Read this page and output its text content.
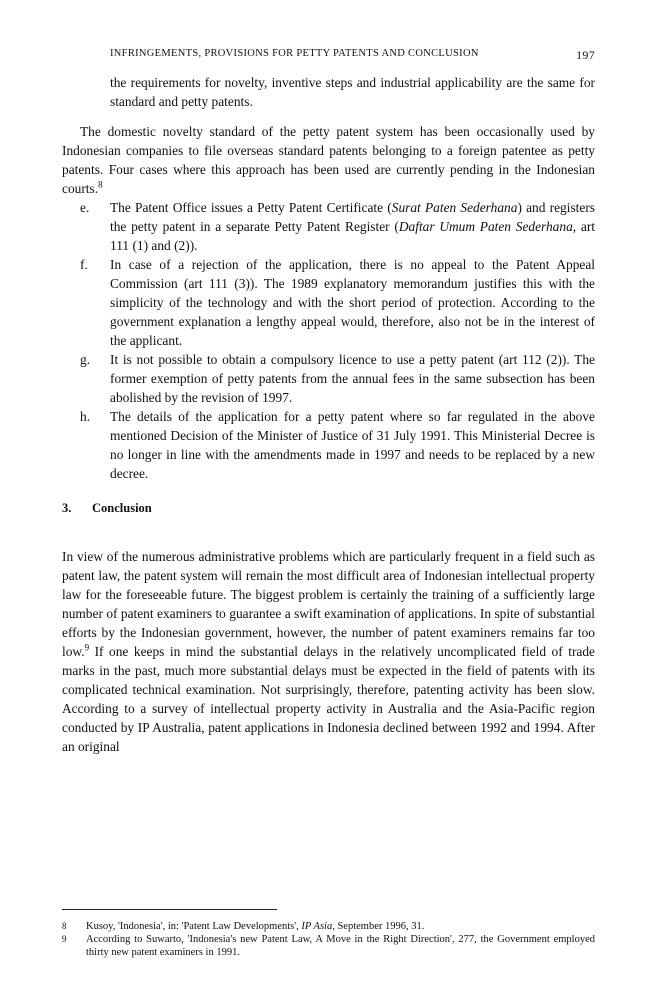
INFRINGEMENTS, PROVISIONS FOR PETTY PATENTS AND CONCLUSION	197

the requirements for novelty, inventive steps and industrial applicability are the same for standard and petty patents.

The domestic novelty standard of the petty patent system has been occasionally used by Indonesian companies to file overseas standard patents belonging to a foreign patentee as petty patents. Four cases where this approach has been used are currently pending in the Indonesian courts.$^8$

e. The Patent Office issues a Petty Patent Certificate (Surat Paten Sederhana) and registers the petty patent in a separate Petty Patent Register (Daftar Umum Paten Sederhana, art 111 (1) and (2)).
f. In case of a rejection of the application, there is no appeal to the Patent Appeal Commission (art 111 (3)). The 1989 explanatory memorandum justifies this with the simplicity of the technology and with the short period of protection. According to the government explanation a lengthy appeal would, therefore, also not be in the interest of the applicant.
g. It is not possible to obtain a compulsory licence to use a petty patent (art 112 (2)). The former exemption of petty patents from the annual fees in the same subsection has been abolished by the revision of 1997.
h. The details of the application for a petty patent where so far regulated in the above mentioned Decision of the Minister of Justice of 31 July 1991. This Ministerial Decree is no longer in line with the amendments made in 1997 and needs to be replaced by a new decree.
3. Conclusion

In view of the numerous administrative problems which are particularly frequent in a field such as patent law, the patent system will remain the most difficult area of Indonesian intellectual property law for the foreseeable future. The biggest problem is certainly the training of a sufficiently large number of patent examiners to guarantee a swift examination of applications. In spite of substantial efforts by the Indonesian government, however, the number of patent examiners remains far too low.$^9$ If one keeps in mind the substantial delays in the relatively uncomplicated field of trade marks in the past, much more substantial delays must be expected in the field of patents with its complicated technical examination. Not surprisingly, therefore, patenting activity has been slow. According to a survey of intellectual property activity in Australia and the Asia-Pacific region conducted by IP Australia, patent applications in Indonesia declined between 1992 and 1994. After an original

8 Kusoy, 'Indonesia', in: 'Patent Law Developments', IP Asia, September 1996, 31.
9 According to Suwarto, 'Indonesia's new Patent Law, A Move in the Right Direction', 277, the Government employed thirty new patent examiners in 1991.
